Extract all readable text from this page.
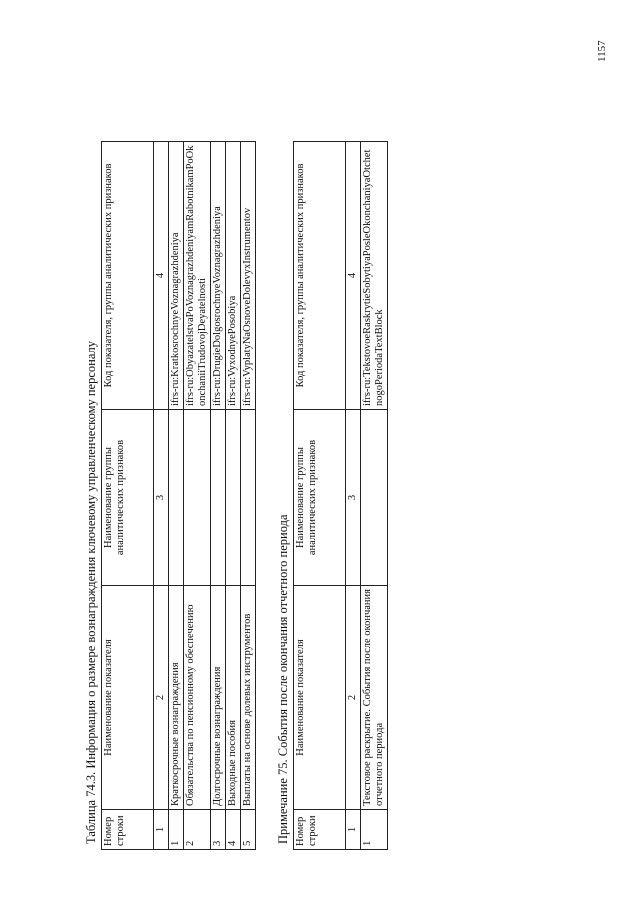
1157
Таблица 74.3. Информация о размере вознаграждения ключевому управленческому персоналу Номер строки	Наименование показателя	Наименование группы аналитических признаков	Код показателя, группы аналитических признаков
1	2	3	4
1	Краткосрочные вознаграждения		ifrs-ru:KratkosrochnyeVoznagrazhdeniya
2	Обязательства по пенсионному обеспечению		ifrs-ru:ObyazatelstvaPoVoznagrazhdeniyamRabotnikamPoOkonchaniiTrudovojDeyatelnosti
3	Долгосрочные вознаграждения		ifrs-ru:DrugieDolgosrochnyeVoznagrazhdeniya
4	Выходные пособия		ifrs-ru:VyxodnyePosobiya
5	Выплаты на основе долевых инструментов		ifrs-ru:VyplatyNaOsnoveDolevyxInstrumentov
Примечание 75. События после окончания отчетного периода Номер строки	Наименование показателя	Наименование группы аналитических признаков	Код показателя, группы аналитических признаков
1	2	3	4
1	Текстовое раскрытие. События после окончания отчетного периода		ifrs-ru:TekstovoeRaskrytieSobytiyaPosleOkonchaniyaOtchetnogoPeriodaTextBlock
